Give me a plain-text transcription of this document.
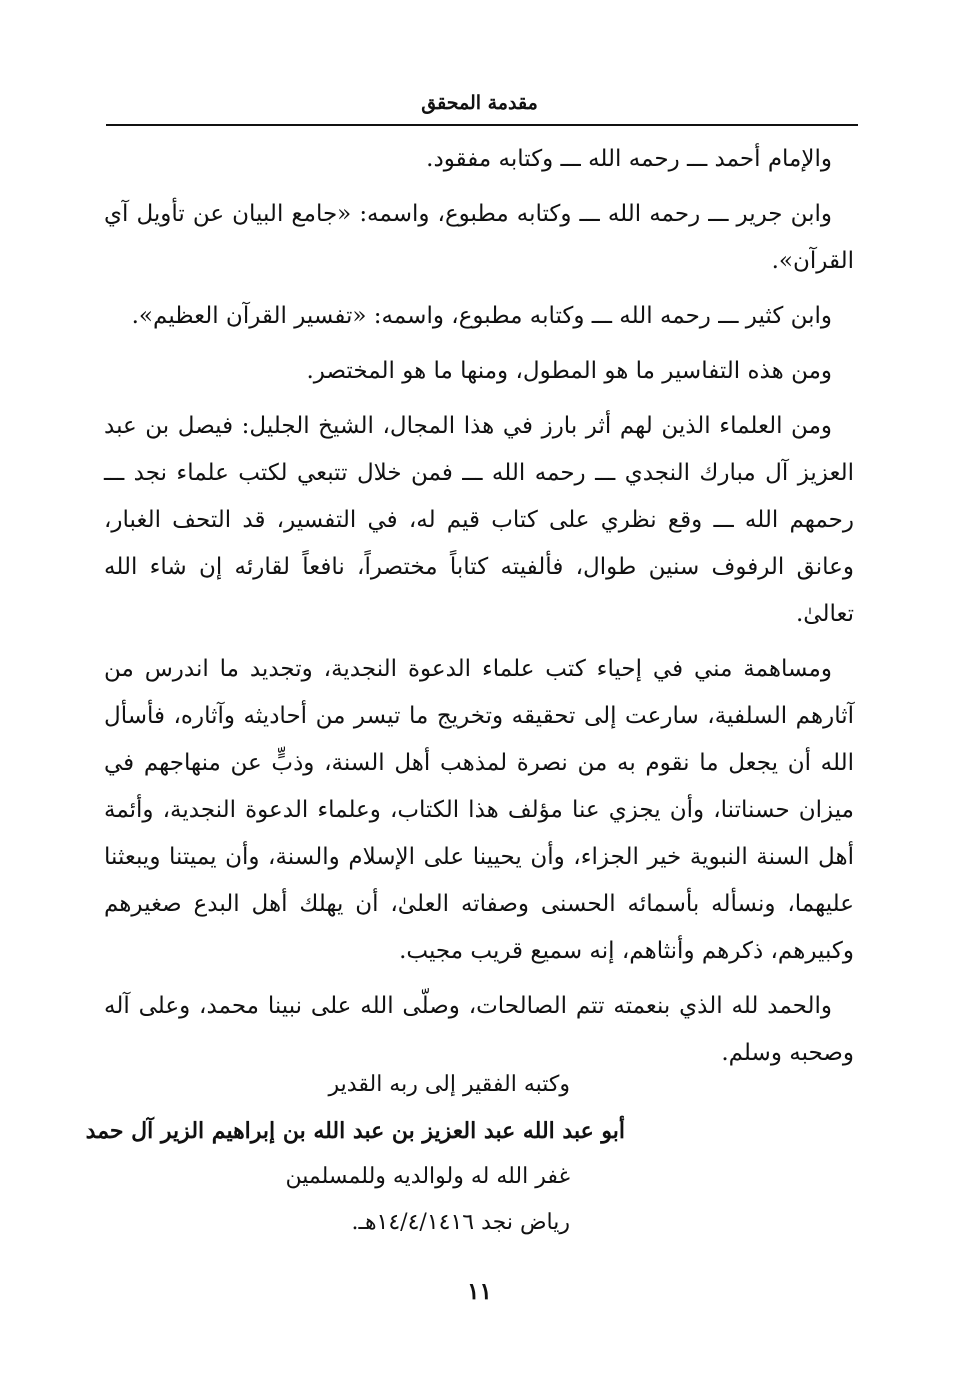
مقدمة المحقق

والإمام أحمد ـــ رحمه الله ـــ وكتابه مفقود.

وابن جرير ـــ رحمه الله ـــ وكتابه مطبوع، واسمه: «جامع البيان عن تأويل آي القرآن».

وابن كثير ـــ رحمه الله ـــ وكتابه مطبوع، واسمه: «تفسير القرآن العظيم».

ومن هذه التفاسير ما هو المطول، ومنها ما هو المختصر.

ومن العلماء الذين لهم أثر بارز في هذا المجال، الشيخ الجليل: فيصل بن عبد العزيز آل مبارك النجدي ـــ رحمه الله ـــ فمن خلال تتبعي لكتب علماء نجد ـــ رحمهم الله ـــ وقع نظري على كتاب قيم له، في التفسير، قد التحف الغبار، وعانق الرفوف سنين طوال، فألفيته كتاباً مختصراً، نافعاً لقارئه إن شاء الله تعالىٰ.

ومساهمة مني في إحياء كتب علماء الدعوة النجدية، وتجديد ما اندرس من آثارهم السلفية، سارعت إلى تحقيقه وتخريج ما تيسر من أحاديثه وآثاره، فأسأل الله أن يجعل ما نقوم به من نصرة لمذهب أهل السنة، وذبٍّ عن منهاجهم في ميزان حسناتنا، وأن يجزي عنا مؤلف هذا الكتاب، وعلماء الدعوة النجدية، وأئمة أهل السنة النبوية خير الجزاء، وأن يحيينا على الإسلام والسنة، وأن يميتنا ويبعثنا عليهما، ونسأله بأسمائه الحسنى وصفاته العلىٰ، أن يهلك أهل البدع صغيرهم وكبيرهم، ذكرهم وأنثاهم، إنه سميع قريب مجيب.

والحمد لله الذي بنعمته تتم الصالحات، وصلّى الله على نبينا محمد، وعلى آله وصحبه وسلم.

وكتبه الفقير إلى ربه القدير
أبو عبد الله عبد العزيز بن عبد الله بن إبراهيم الزير آل حمد
غفر الله له ولوالديه وللمسلمين
رياض نجد ١٤/٤/١٤١٦هـ.
١١
